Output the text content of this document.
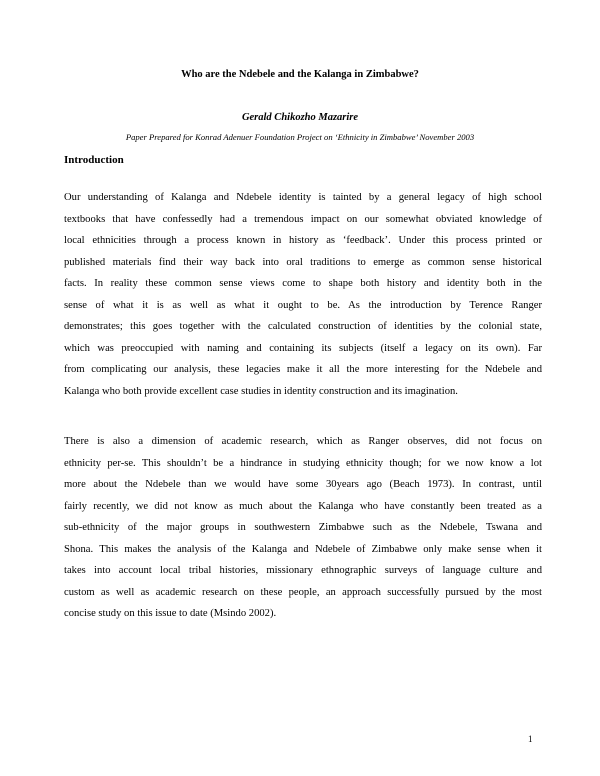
Who are the Ndebele and the Kalanga in Zimbabwe?
Gerald Chikozho Mazarire
Paper Prepared for Konrad Adenuer Foundation Project on ‘Ethnicity in Zimbabwe’ November 2003
Introduction
Our understanding of Kalanga and Ndebele identity is tainted by a general legacy of high school
textbooks that have confessedly had a tremendous impact on our somewhat obviated knowledge of
local ethnicities through a process known in history as ‘feedback’. Under this process printed or
published materials find their way back into oral traditions to emerge as common sense historical
facts. In reality these common sense views come to shape both history and identity both in the
sense of what it is as well as what it ought to be. As the introduction by Terence Ranger
demonstrates; this goes together with the calculated construction of identities by the colonial state,
which was preoccupied with naming and containing its subjects (itself a legacy on its own). Far
from complicating our analysis, these legacies make it all the more interesting for the Ndebele and
Kalanga who both provide excellent case studies in identity construction and its imagination.
There is also a dimension of academic research, which as Ranger observes, did not focus on
ethnicity per-se. This shouldn’t be a hindrance in studying ethnicity though; for we now know a lot
more about the Ndebele than we would have some 30years ago (Beach 1973). In contrast, until
fairly recently, we did not know as much about the Kalanga who have constantly been treated as a
sub-ethnicity of the major groups in southwestern Zimbabwe such as the Ndebele, Tswana and
Shona. This makes the analysis of the Kalanga and Ndebele of Zimbabwe only make sense when it
takes into account local tribal histories, missionary ethnographic surveys of language culture and
custom as well as academic research on these people, an approach successfully pursued by the most
concise study on this issue to date (Msindo 2002).
1
